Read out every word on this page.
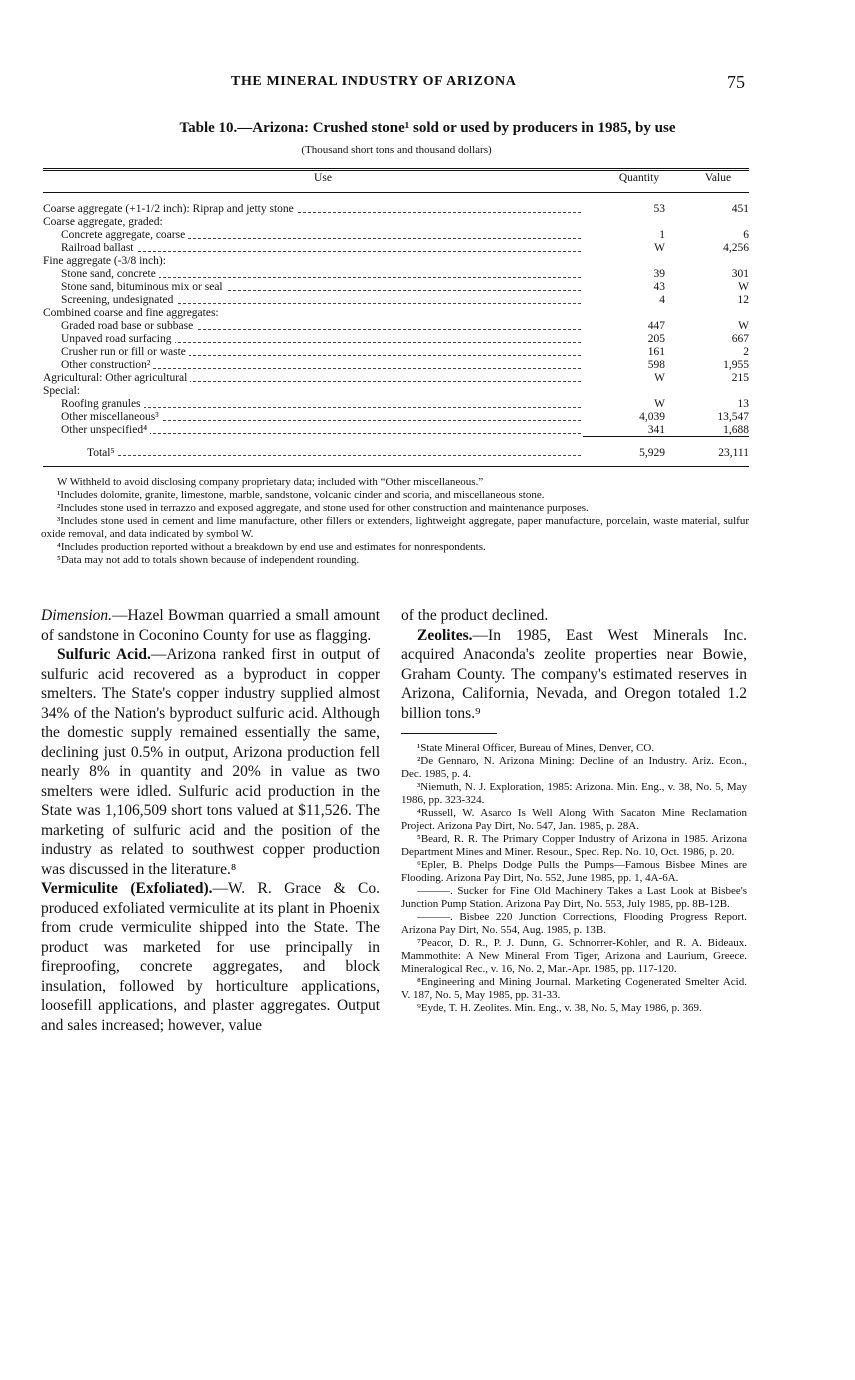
THE MINERAL INDUSTRY OF ARIZONA	75
Table 10.—Arizona: Crushed stone¹ sold or used by producers in 1985, by use
(Thousand short tons and thousand dollars)
Use	Quantity	Value
Coarse aggregate (+1-1/2 inch): Riprap and jetty stone	53	451
Coarse aggregate, graded:
Concrete aggregate, coarse	1	6
Railroad ballast	W	4,256
Fine aggregate (-3/8 inch):
Stone sand, concrete	39	301
Stone sand, bituminous mix or seal	43	W
Screening, undesignated	4	12
Combined coarse and fine aggregates:
Graded road base or subbase	447	W
Unpaved road surfacing	205	667
Crusher run or fill or waste	161	2
Other construction²	598	1,955
Agricultural: Other agricultural	W	215
Special:
Roofing granules	W	13
Other miscellaneous³	4,039	13,547
Other unspecified⁴	341	1,688
Total⁵	5,929	23,111

W Withheld to avoid disclosing company proprietary data; included with “Other miscellaneous.”

¹Includes dolomite, granite, limestone, marble, sandstone, volcanic cinder and scoria, and miscellaneous stone.

²Includes stone used in terrazzo and exposed aggregate, and stone used for other construction and maintenance purposes.

³Includes stone used in cement and lime manufacture, other fillers or extenders, lightweight aggregate, paper manufacture, porcelain, waste material, sulfur oxide removal, and data indicated by symbol W.

⁴Includes production reported without a breakdown by end use and estimates for nonrespondents.

⁵Data may not add to totals shown because of independent rounding.

Dimension.—Hazel Bowman quarried a small amount of sandstone in Coconino County for use as flagging.

Sulfuric Acid.—Arizona ranked first in output of sulfuric acid recovered as a byproduct in copper smelters. The State's copper industry supplied almost 34% of the Nation's byproduct sulfuric acid. Although the domestic supply remained essentially the same, declining just 0.5% in output, Arizona production fell nearly 8% in quantity and 20% in value as two smelters were idled. Sulfuric acid production in the State was 1,106,509 short tons valued at $11,526. The marketing of sulfuric acid and the position of the industry as related to southwest copper production was discussed in the literature.⁸

Vermiculite (Exfoliated).—W. R. Grace & Co. produced exfoliated vermiculite at its plant in Phoenix from crude vermiculite shipped into the State. The product was marketed for use principally in fireproofing, concrete aggregates, and block insulation, followed by horticulture applications, loosefill applications, and plaster aggregates. Output and sales increased; however, value

of the product declined.

Zeolites.—In 1985, East West Minerals Inc. acquired Anaconda's zeolite properties near Bowie, Graham County. The company's estimated reserves in Arizona, California, Nevada, and Oregon totaled 1.2 billion tons.⁹

¹State Mineral Officer, Bureau of Mines, Denver, CO.

²De Gennaro, N. Arizona Mining: Decline of an Industry. Ariz. Econ., Dec. 1985, p. 4.

³Niemuth, N. J. Exploration, 1985: Arizona. Min. Eng., v. 38, No. 5, May 1986, pp. 323-324.

⁴Russell, W. Asarco Is Well Along With Sacaton Mine Reclamation Project. Arizona Pay Dirt, No. 547, Jan. 1985, p. 28A.

⁵Beard, R. R. The Primary Copper Industry of Arizona in 1985. Arizona Department Mines and Miner. Resour., Spec. Rep. No. 10, Oct. 1986, p. 20.

⁶Epler, B. Phelps Dodge Pulls the Pumps—Famous Bisbee Mines are Flooding. Arizona Pay Dirt, No. 552, June 1985, pp. 1, 4A-6A.

———. Sucker for Fine Old Machinery Takes a Last Look at Bisbee's Junction Pump Station. Arizona Pay Dirt, No. 553, July 1985, pp. 8B-12B.

———. Bisbee 220 Junction Corrections, Flooding Progress Report. Arizona Pay Dirt, No. 554, Aug. 1985, p. 13B.

⁷Peacor, D. R., P. J. Dunn, G. Schnorrer-Kohler, and R. A. Bideaux. Mammothite: A New Mineral From Tiger, Arizona and Laurium, Greece. Mineralogical Rec., v. 16, No. 2, Mar.-Apr. 1985, pp. 117-120.

⁸Engineering and Mining Journal. Marketing Cogenerated Smelter Acid. V. 187, No. 5, May 1985, pp. 31-33.

⁹Eyde, T. H. Zeolites. Min. Eng., v. 38, No. 5, May 1986, p. 369.
